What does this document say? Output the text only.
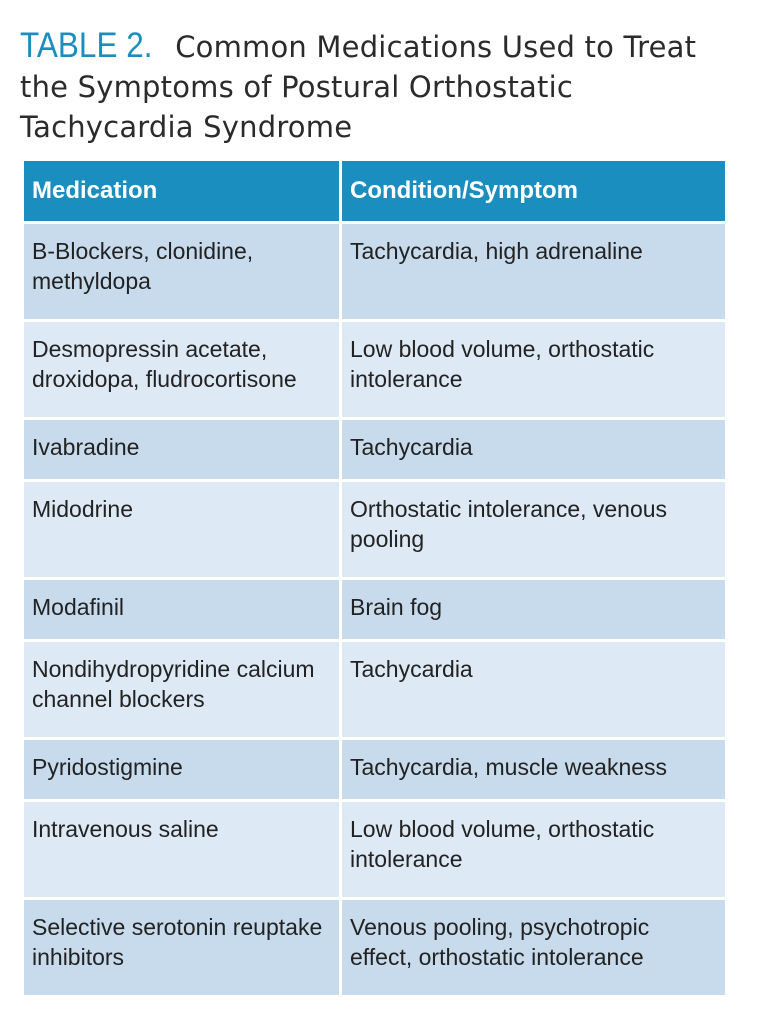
TABLE 2. Common Medications Used to Treat the Symptoms of Postural Orthostatic Tachycardia Syndrome
Medication	Condition/Symptom
B-Blockers, clonidine, methyldopa	Tachycardia, high adrenaline
Desmopressin acetate, droxidopa, fludrocortisone	Low blood volume, orthostatic intolerance
Ivabradine	Tachycardia
Midodrine	Orthostatic intolerance, venous pooling
Modafinil	Brain fog
Nondihydropyridine calcium channel blockers	Tachycardia
Pyridostigmine	Tachycardia, muscle weakness
Intravenous saline	Low blood volume, orthostatic intolerance
Selective serotonin reuptake inhibitors	Venous pooling, psychotropic effect, orthostatic intolerance
